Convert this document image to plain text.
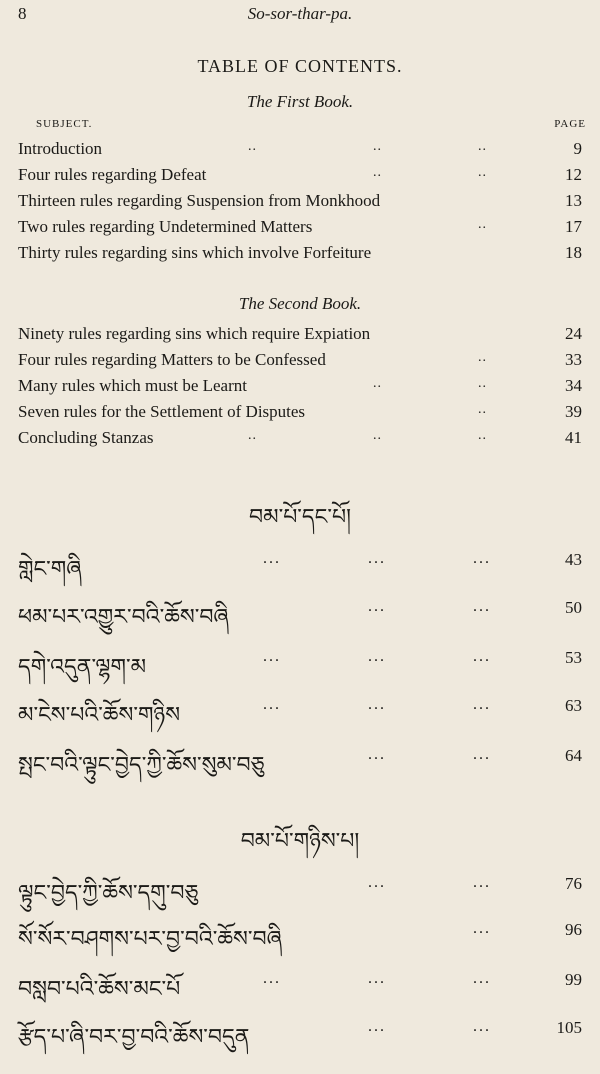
8	So-sor-thar-pa.
TABLE OF CONTENTS.
The First Book.
SUBJECT.	PAGE
Introduction	..	..	..	9
Four rules regarding Defeat	..	..	12
Thirteen rules regarding Suspension from Monkhood	13
Two rules regarding Undetermined Matters	..	17
Thirty rules regarding sins which involve Forfeiture	18
The Second Book.
Ninety rules regarding sins which require Expiation	24
Four rules regarding Matters to be Confessed	..	33
Many rules which must be Learnt	..	..	34
Seven rules for the Settlement of Disputes	..	39
Concluding Stanzas	..	..	..	41
བམ་པོ་དང་པོ།
གླེང་གཞི	...	...	...	43
ཕམ་པར་འགྱུར་བའི་ཆོས་བཞི	...	...	50
དགེ་འདུན་ལྷག་མ	...	...	...	53
མ་ངེས་པའི་ཆོས་གཉིས	...	...	...	63
སྤང་བའི་ལྟུང་བྱེད་ཀྱི་ཆོས་སུམ་བཅུ	...	...	64
བམ་པོ་གཉིས་པ།
ལྟུང་བྱེད་ཀྱི་ཆོས་དགུ་བཅུ	...	...	76
སོ་སོར་བཤགས་པར་བྱ་བའི་ཆོས་བཞི	...	96
བསླབ་པའི་ཆོས་མང་པོ	...	...	...	99
རྩོད་པ་ཞི་བར་བྱ་བའི་ཆོས་བདུན	...	...	105
